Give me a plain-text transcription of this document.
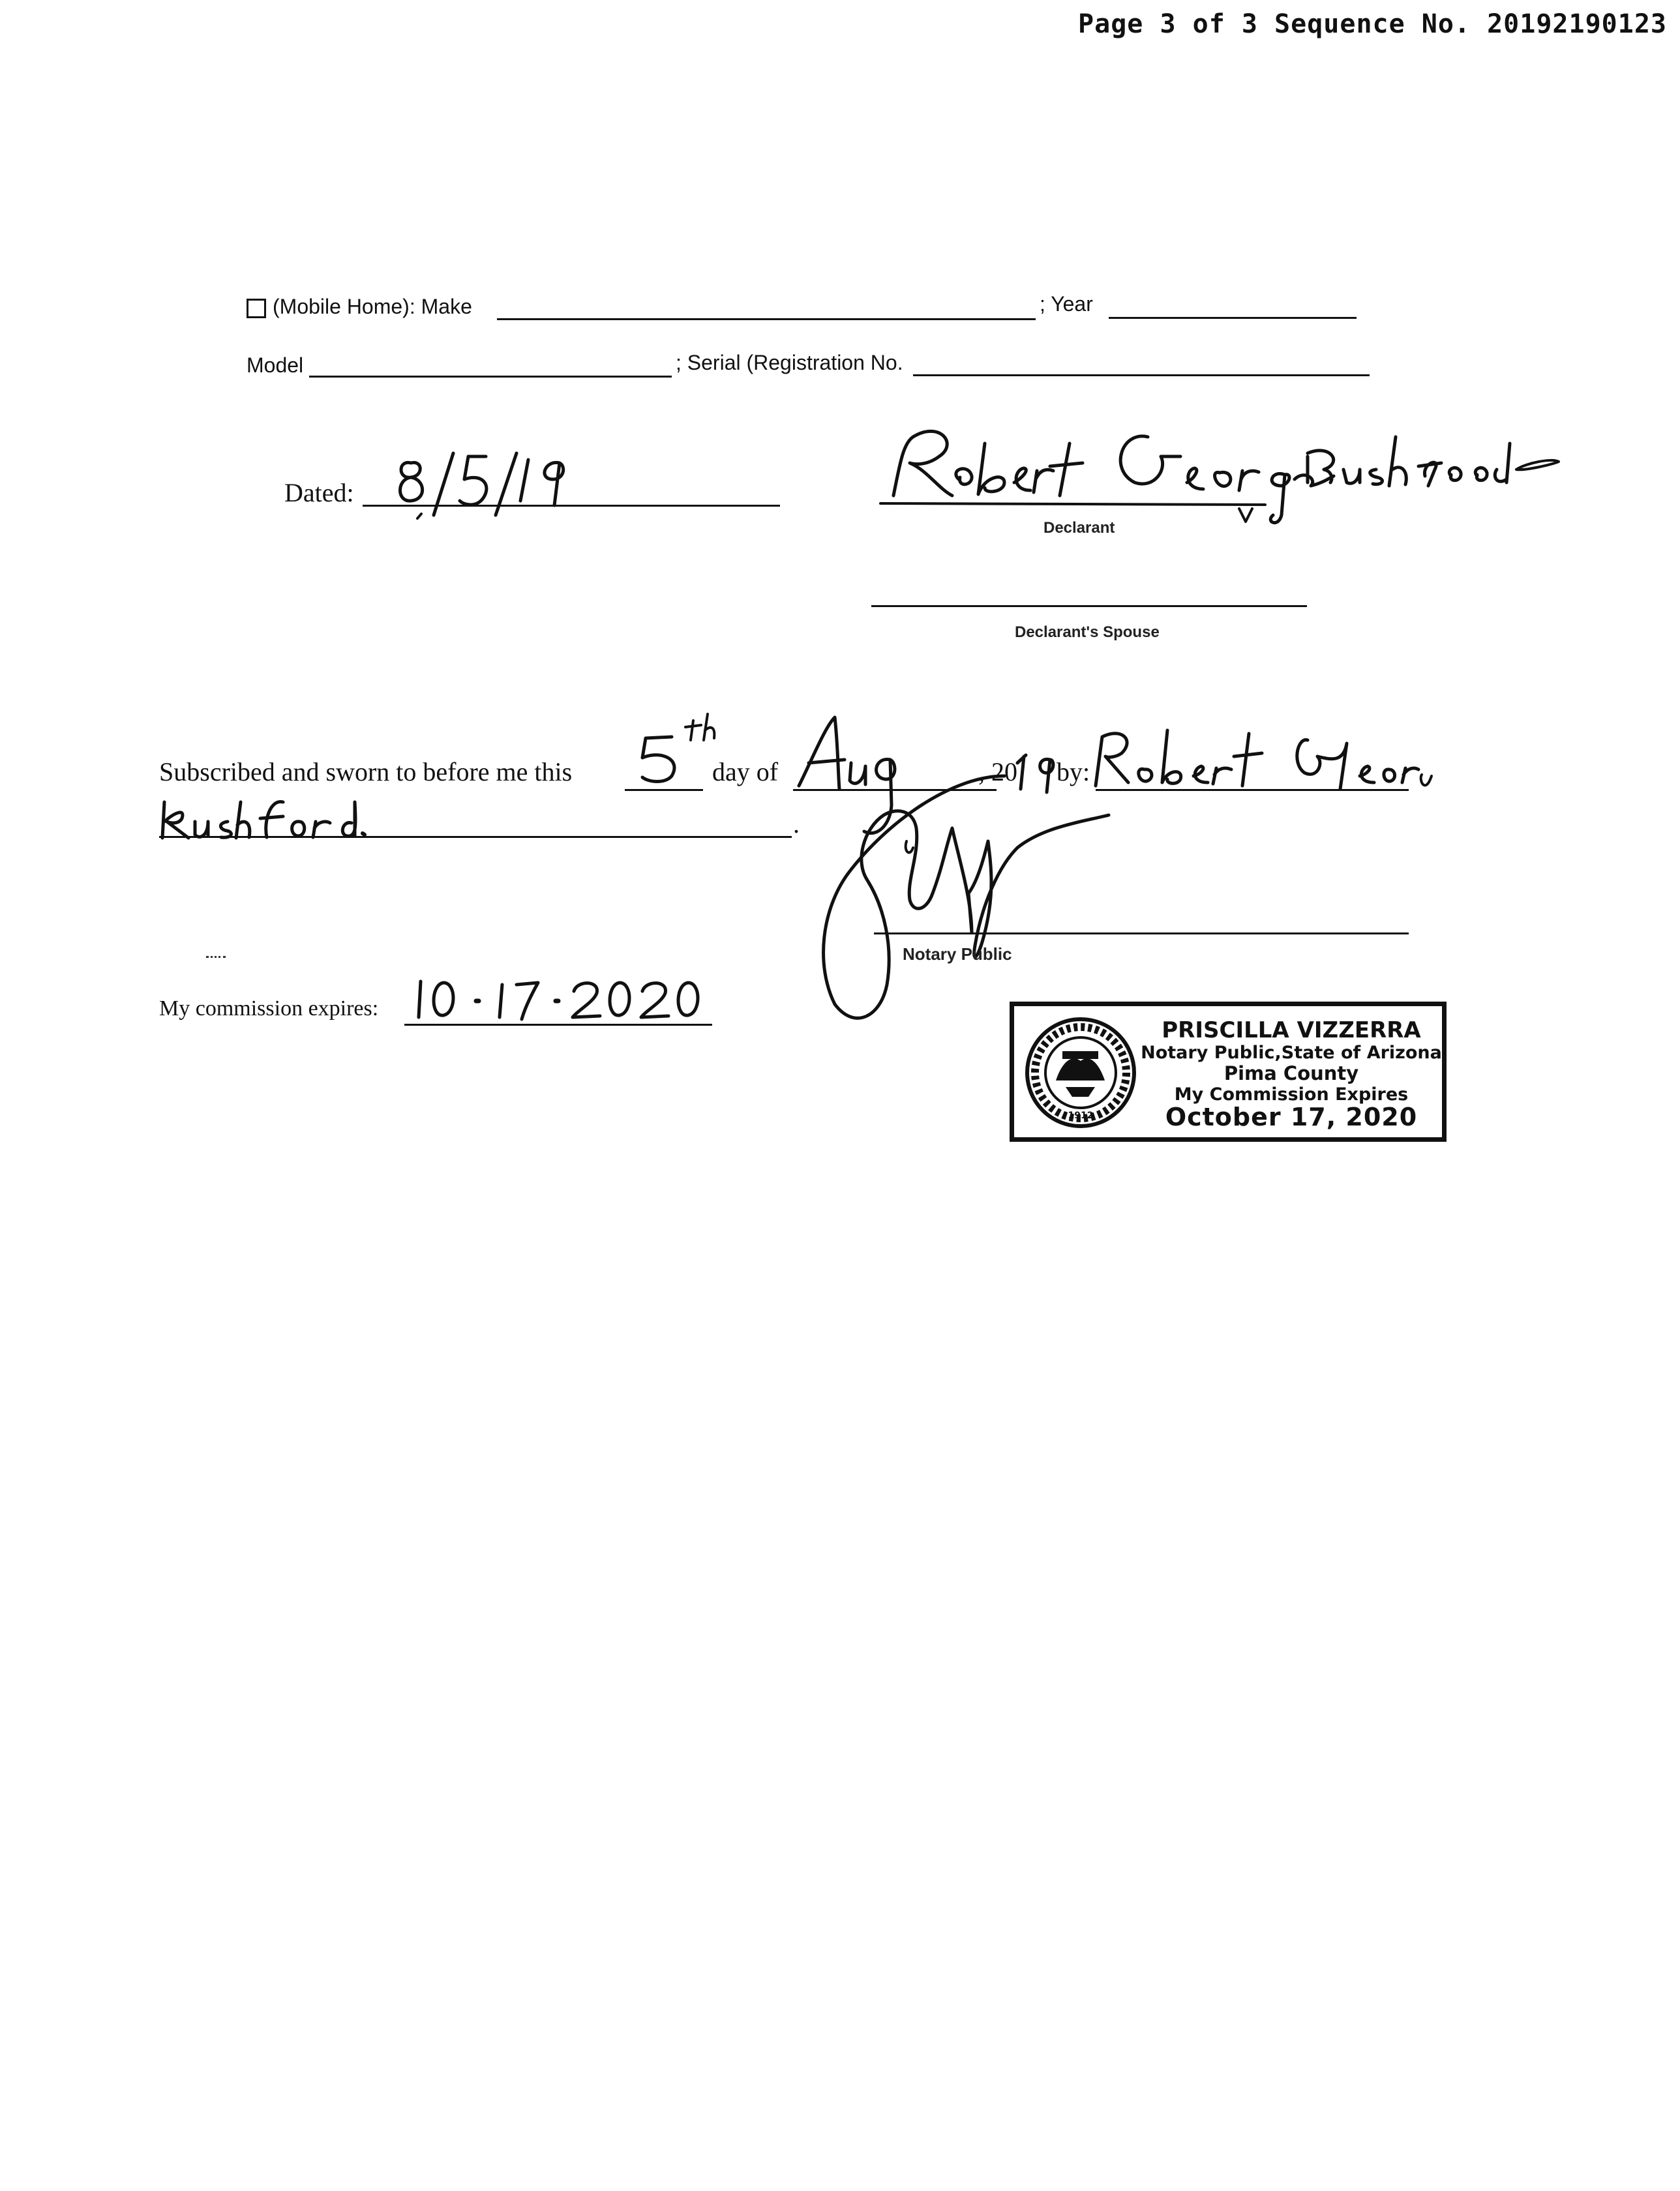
Page 3 of 3 Sequence No. 20192190123
(Mobile Home): Make	; Year
Model	; Serial (Registration No.
Dated:
Declarant
Declarant's Spouse
Subscribed and sworn to before me this	day of	, 20 by:
.
Notary Public
My commission expires:
1912
PRISCILLA VIZZERRA
Notary Public,State of Arizona
Pima County
My Commission Expires
October 17, 2020
